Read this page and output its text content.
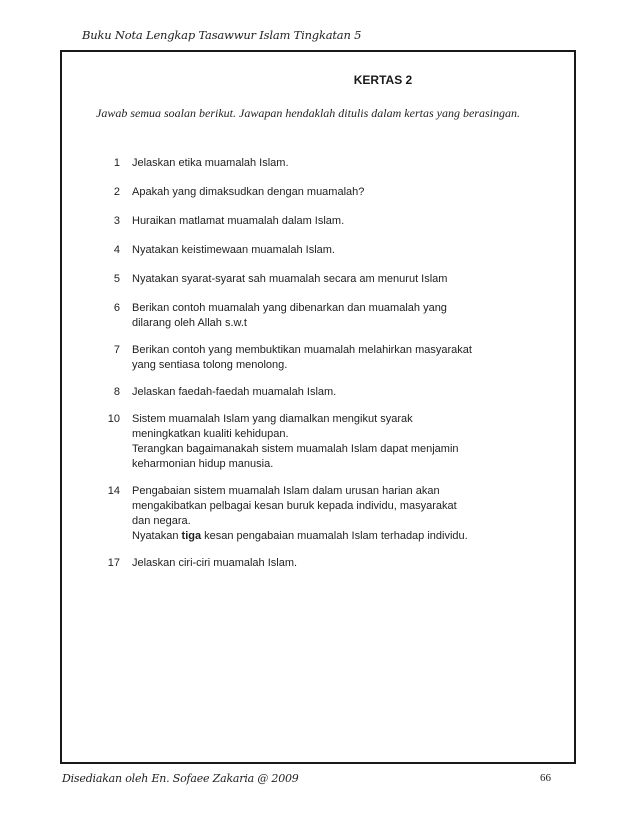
Buku Nota Lengkap Tasawwur Islam Tingkatan 5
KERTAS 2
Jawab semua soalan berikut. Jawapan hendaklah ditulis dalam kertas yang berasingan.
1	Jelaskan etika muamalah Islam.
2	Apakah yang dimaksudkan dengan muamalah?
3	Huraikan matlamat muamalah dalam Islam.
4	Nyatakan keistimewaan muamalah Islam.
5	Nyatakan syarat-syarat sah muamalah secara am menurut Islam
6	Berikan contoh muamalah yang dibenarkan dan muamalah yang
dilarang oleh Allah s.w.t
7	Berikan contoh yang membuktikan muamalah melahirkan masyarakat
yang sentiasa tolong menolong.
8	Jelaskan faedah-faedah muamalah Islam.
10	Sistem muamalah Islam yang diamalkan mengikut syarak
meningkatkan kualiti kehidupan.
Terangkan bagaimanakah sistem muamalah Islam dapat menjamin
keharmonian hidup manusia.
14	Pengabaian sistem muamalah Islam dalam urusan harian akan
mengakibatkan pelbagai kesan buruk kepada individu, masyarakat
dan negara.
Nyatakan tiga kesan pengabaian muamalah Islam terhadap individu.
17	Jelaskan ciri-ciri muamalah Islam.
Disediakan oleh En. Sofaee Zakaria @ 2009	66
